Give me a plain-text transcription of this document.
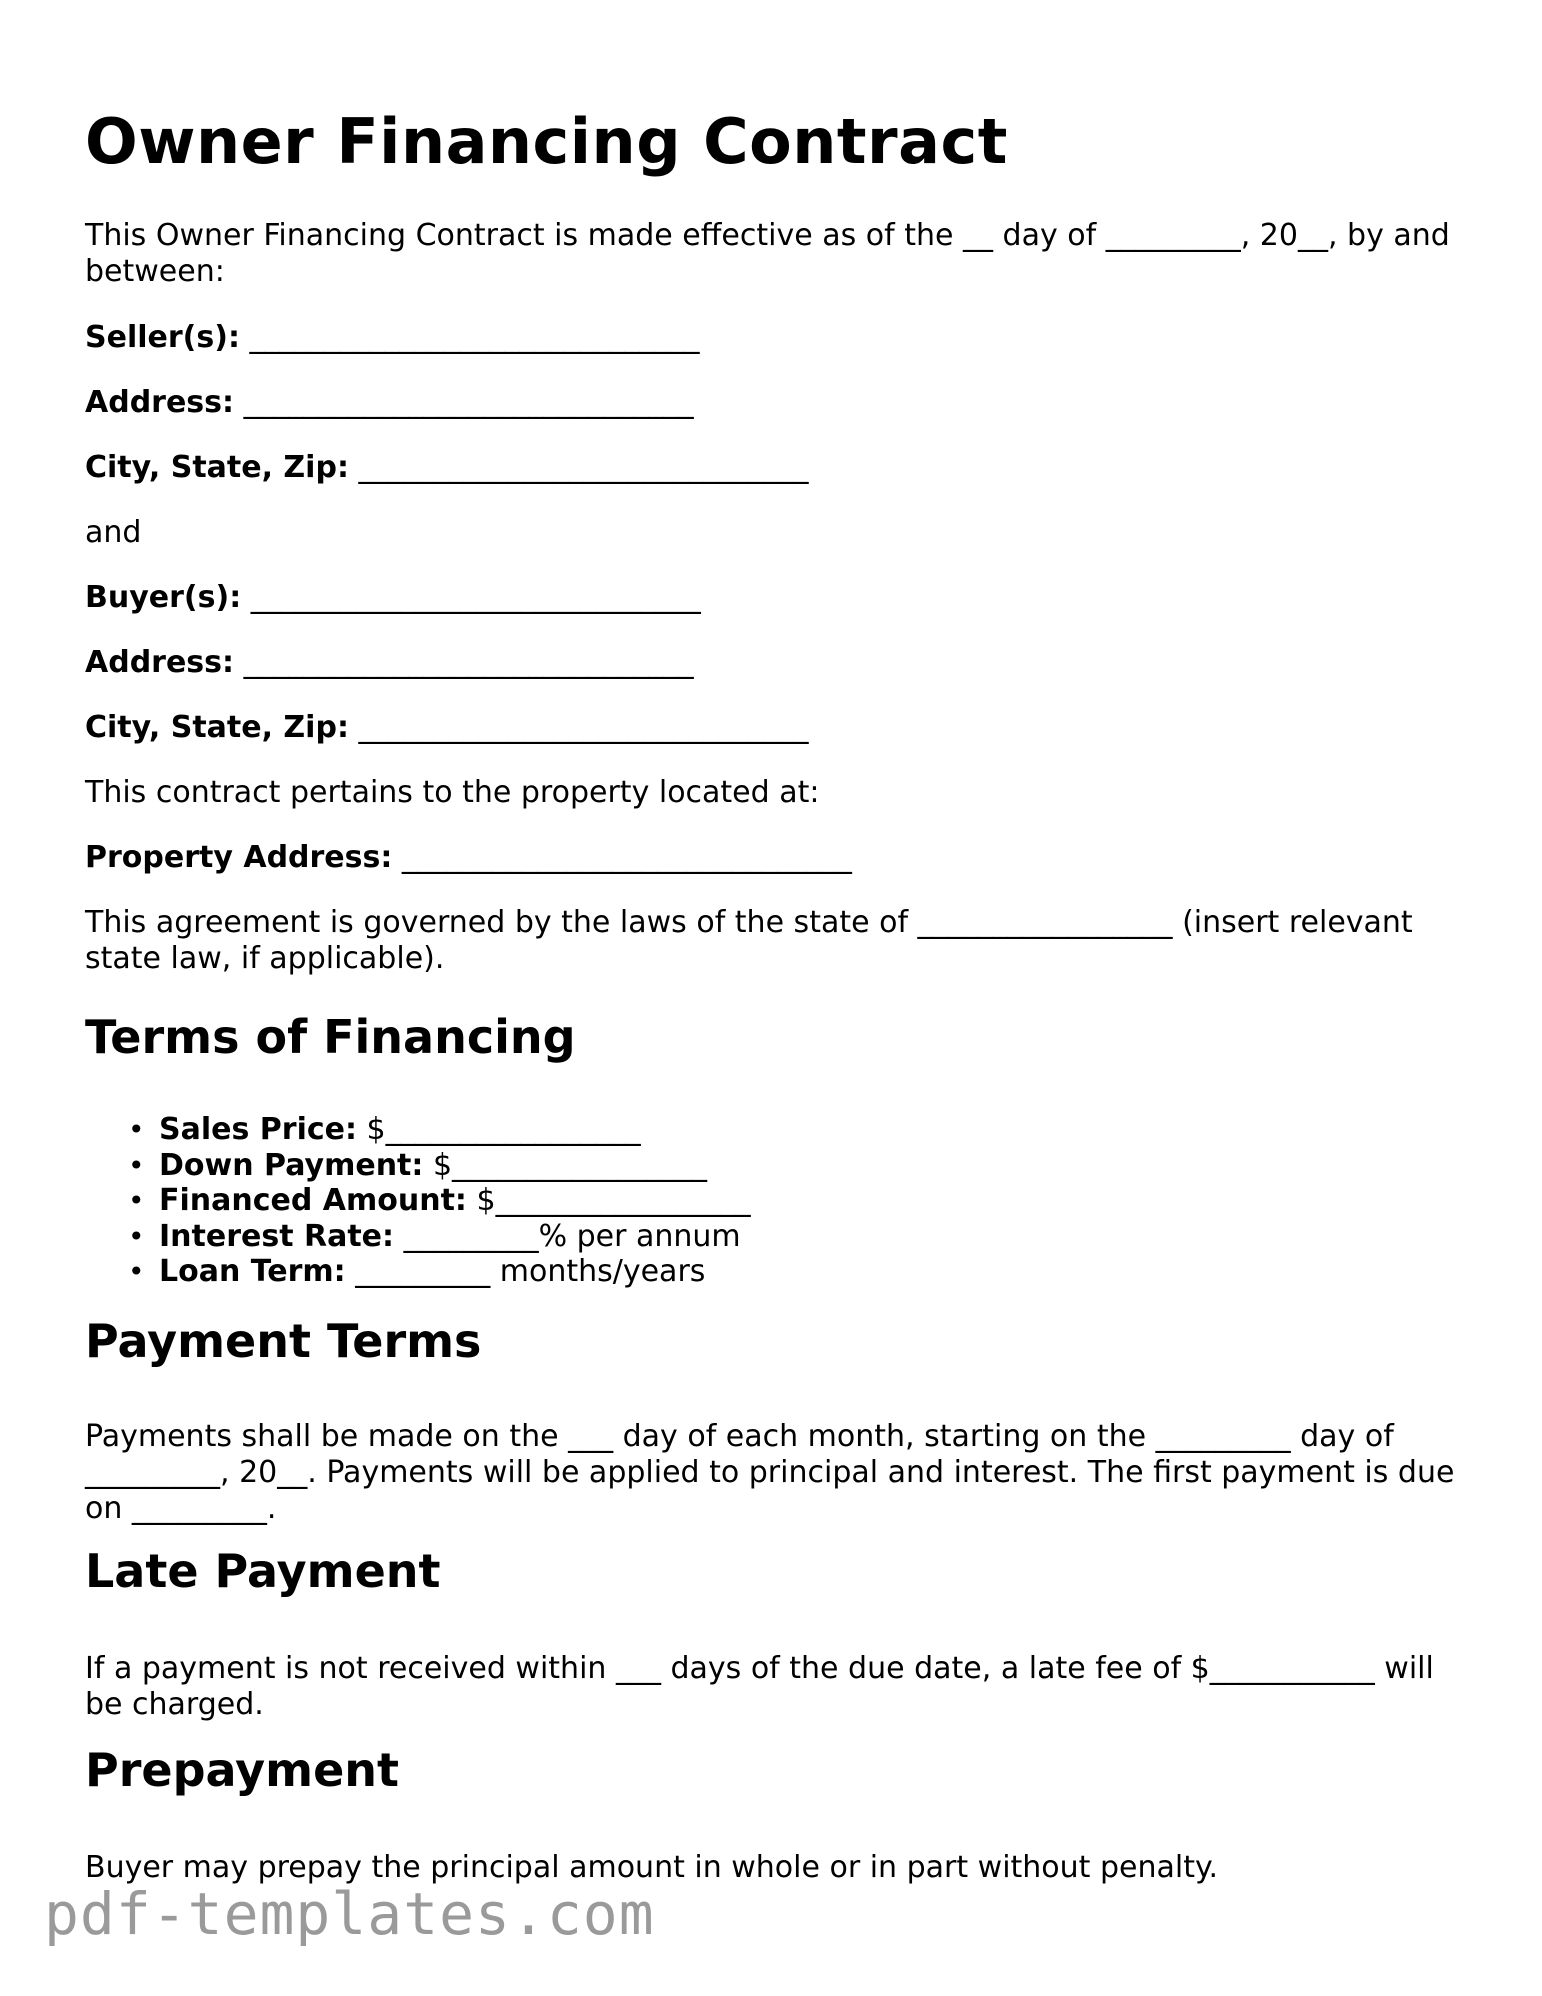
Owner Financing Contract

This Owner Financing Contract is made effective as of the __ day of _________, 20__, by and between:

Seller(s): ______________________________

Address: ______________________________

City, State, Zip: ______________________________

and

Buyer(s): ______________________________

Address: ______________________________

City, State, Zip: ______________________________

This contract pertains to the property located at:

Property Address: ______________________________

This agreement is governed by the laws of the state of _________________ (insert relevant state law, if applicable).

Terms of Financing
• Sales Price: $_________________
• Down Payment: $_________________
• Financed Amount: $_________________
• Interest Rate: _________% per annum
• Loan Term: _________ months/years
Payment Terms

Payments shall be made on the ___ day of each month, starting on the _________ day of _________, 20__. Payments will be applied to principal and interest. The first payment is due on _________.

Late Payment

If a payment is not received within ___ days of the due date, a late fee of $___________ will be charged.

Prepayment

Buyer may prepay the principal amount in whole or in part without penalty.

pdf-templates.com
